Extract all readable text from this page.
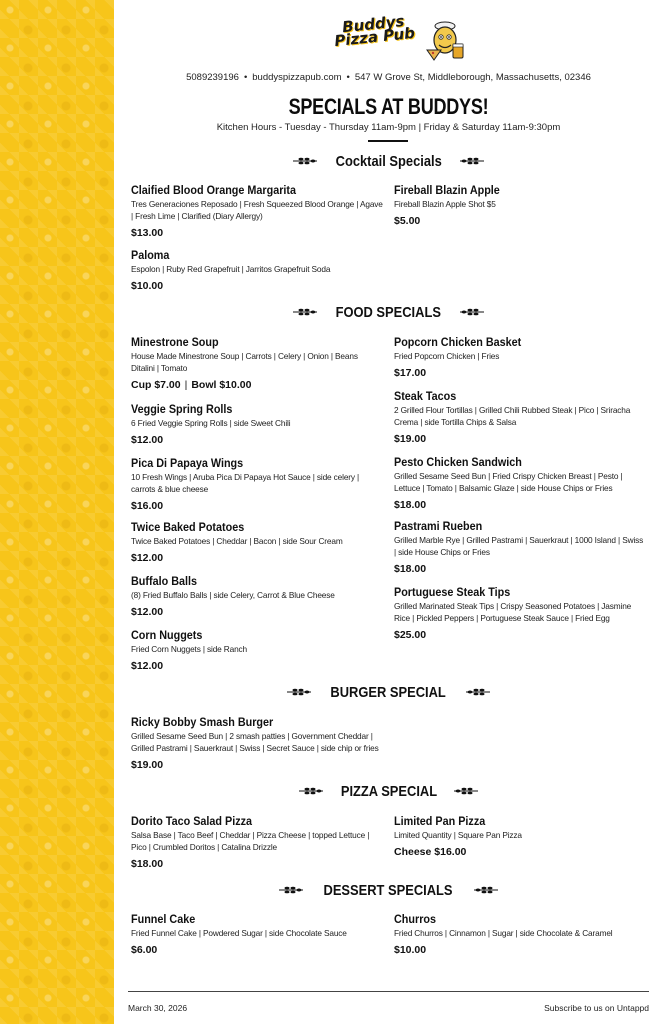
Buddys Pizza Pub
5089239196 • buddyspizzapub.com • 547 W Grove St, Middleborough, Massachusetts, 02346
SPECIALS AT BUDDYS!
Kitchen Hours - Tuesday - Thursday 11am-9pm | Friday & Saturday 11am-9:30pm
Cocktail Specials
Claified Blood Orange Margarita
Tres Generaciones Reposado | Fresh Squeezed Blood Orange | Agave | Fresh Lime | Clarified (Diary Allergy)
$13.00
Paloma
Espolon | Ruby Red Grapefruit | Jarritos Grapefruit Soda
$10.00
Fireball Blazin Apple
Fireball Blazin Apple Shot $5
$5.00
FOOD SPECIALS
Minestrone Soup
House Made Minestrone Soup | Carrots | Celery | Onion | Beans Ditalini | Tomato
Cup $7.00 | Bowl $10.00
Veggie Spring Rolls
6 Fried Veggie Spring Rolls | side Sweet Chili
$12.00
Pica Di Papaya Wings
10 Fresh Wings | Aruba Pica Di Papaya Hot Sauce | side celery | carrots & blue cheese
$16.00
Twice Baked Potatoes
Twice Baked Potatoes | Cheddar | Bacon | side Sour Cream
$12.00
Buffalo Balls
(8) Fried Buffalo Balls | side Celery, Carrot & Blue Cheese
$12.00
Corn Nuggets
Fried Corn Nuggets | side Ranch
$12.00
Popcorn Chicken Basket
Fried Popcorn Chicken | Fries
$17.00
Steak Tacos
2 Grilled Flour Tortillas | Grilled Chili Rubbed Steak | Pico | Sriracha Crema | side Tortilla Chips & Salsa
$19.00
Pesto Chicken Sandwich
Grilled Sesame Seed Bun | Fried Crispy Chicken Breast | Pesto | Lettuce | Tomato | Balsamic Glaze | side House Chips or Fries
$18.00
Pastrami Rueben
Grilled Marble Rye | Grilled Pastrami | Sauerkraut | 1000 Island | Swiss | side House Chips or Fries
$18.00
Portuguese Steak Tips
Grilled Marinated Steak Tips | Crispy Seasoned Potatoes | Jasmine Rice | Pickled Peppers | Portuguese Steak Sauce | Fried Egg
$25.00
BURGER SPECIAL
Ricky Bobby Smash Burger
Grilled Sesame Seed Bun | 2 smash patties | Government Cheddar | Grilled Pastrami | Sauerkraut | Swiss | Secret Sauce | side chip or fries
$19.00
PIZZA SPECIAL
Dorito Taco Salad Pizza
Salsa Base | Taco Beef | Cheddar | Pizza Cheese | topped Lettuce | Pico | Crumbled Doritos | Catalina Drizzle
$18.00
Limited Pan Pizza
Limited Quantity | Square Pan Pizza
Cheese $16.00
DESSERT SPECIALS
Funnel Cake
Fried Funnel Cake | Powdered Sugar | side Chocolate Sauce
$6.00
Churros
Fried Churros | Cinnamon | Sugar | side Chocolate & Caramel
$10.00
March 30, 2026	Subscribe to us on Untappd
